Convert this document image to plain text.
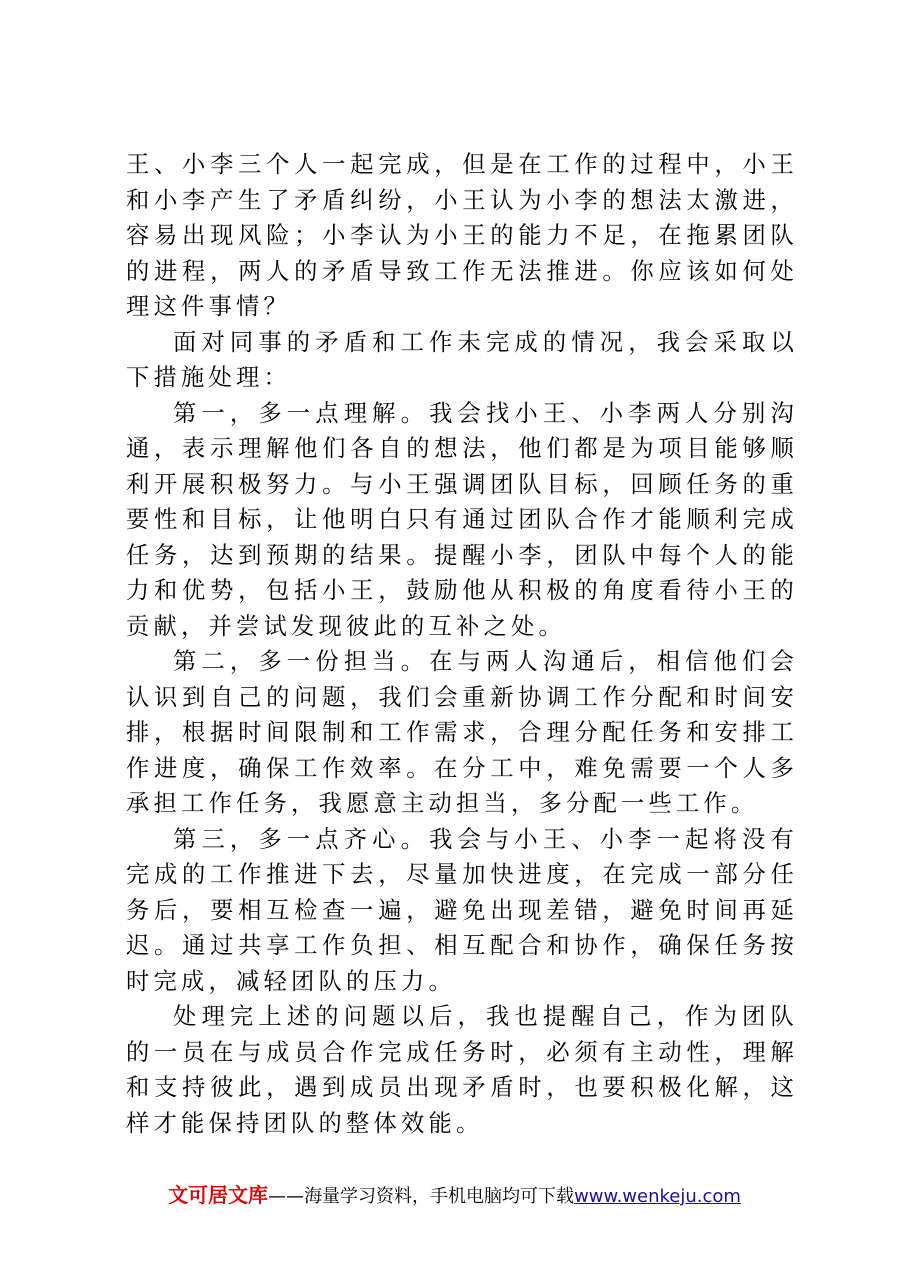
王、小李三个人一起完成，但是在工作的过程中，小王和小李产生了矛盾纠纷，小王认为小李的想法太激进，容易出现风险；小李认为小王的能力不足，在拖累团队的进程，两人的矛盾导致工作无法推进。你应该如何处理这件事情？

面对同事的矛盾和工作未完成的情况，我会采取以下措施处理：

第一，多一点理解。我会找小王、小李两人分别沟通，表示理解他们各自的想法，他们都是为项目能够顺利开展积极努力。与小王强调团队目标，回顾任务的重要性和目标，让他明白只有通过团队合作才能顺利完成任务，达到预期的结果。提醒小李，团队中每个人的能力和优势，包括小王，鼓励他从积极的角度看待小王的贡献，并尝试发现彼此的互补之处。

第二，多一份担当。在与两人沟通后，相信他们会认识到自己的问题，我们会重新协调工作分配和时间安排，根据时间限制和工作需求，合理分配任务和安排工作进度，确保工作效率。在分工中，难免需要一个人多承担工作任务，我愿意主动担当，多分配一些工作。

第三，多一点齐心。我会与小王、小李一起将没有完成的工作推进下去，尽量加快进度，在完成一部分任务后，要相互检查一遍，避免出现差错，避免时间再延迟。通过共享工作负担、相互配合和协作，确保任务按时完成，减轻团队的压力。

处理完上述的问题以后，我也提醒自己，作为团队的一员在与成员合作完成任务时，必须有主动性，理解和支持彼此，遇到成员出现矛盾时，也要积极化解，这样才能保持团队的整体效能。

文可居文库——海量学习资料，手机电脑均可下载www.wenkeju.com
